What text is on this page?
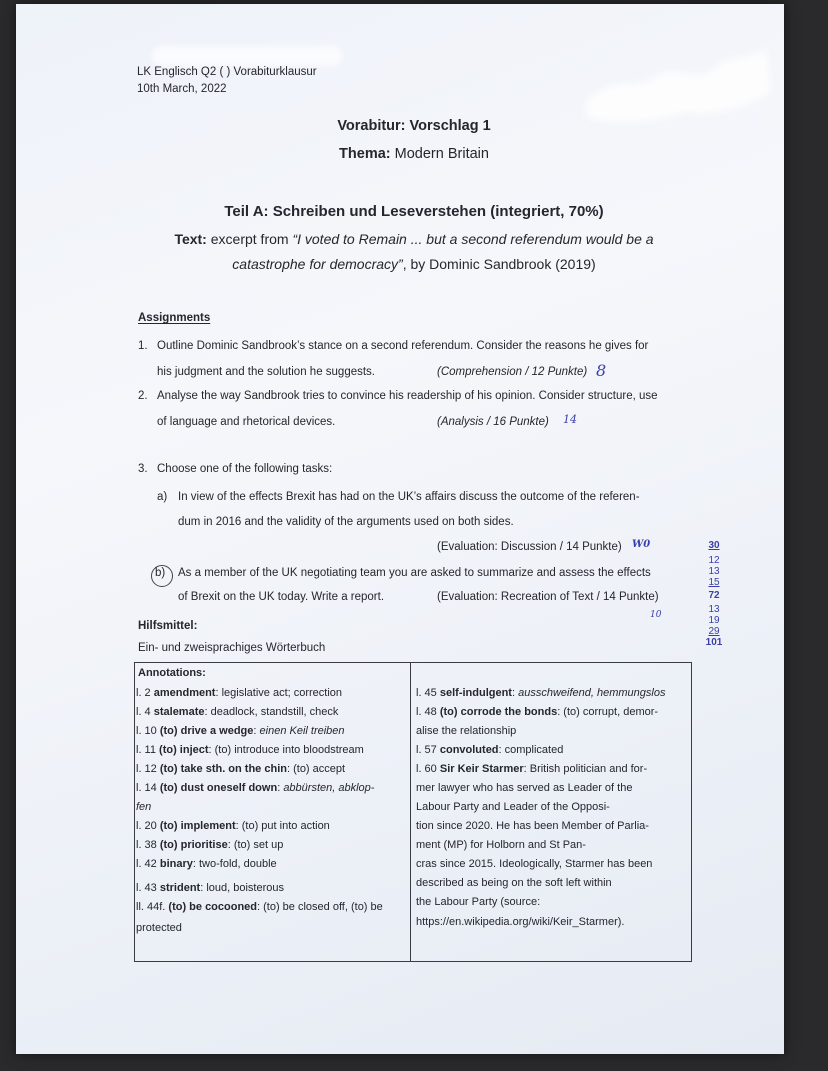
LK Englisch Q2 ( ) Vorabiturklausur
10th March, 2022
Vorabitur: Vorschlag 1
Thema: Modern Britain
Teil A: Schreiben und Leseverstehen (integriert, 70%)
Text: excerpt from “I voted to Remain ... but a second referendum would be a
catastrophe for democracy”, by Dominic Sandbrook (2019)
Assignments
1. Outline Dominic Sandbrook’s stance on a second referendum. Consider the reasons he gives for
his judgment and the solution he suggests.	(Comprehension / 12 Punkte) 8
2. Analyse the way Sandbrook tries to convince his readership of his opinion. Consider structure, use
of language and rhetorical devices.	(Analysis / 16 Punkte) 14
3. Choose one of the following tasks:
a) In view of the effects Brexit has had on the UK’s affairs discuss the outcome of the referen-
dum in 2016 and the validity of the arguments used on both sides.
(Evaluation: Discussion / 14 Punkte) W0
b) As a member of the UK negotiating team you are asked to summarize and assess the effects
of Brexit on the UK today. Write a report.	(Evaluation: Recreation of Text / 14 Punkte)
10
30
12
13
15
72
13
19
29
101
Hilfsmittel:
Ein- und zweisprachiges Wörterbuch
Annotations:
l. 2 amendment: legislative act; correction
l. 4 stalemate: deadlock, standstill, check
l. 10 (to) drive a wedge: einen Keil treiben
l. 11 (to) inject: (to) introduce into bloodstream
l. 12 (to) take sth. on the chin: (to) accept
l. 14 (to) dust oneself down: abbürsten, abklop-
fen
l. 20 (to) implement: (to) put into action
l. 38 (to) prioritise: (to) set up
l. 42 binary: two-fold, double
l. 43 strident: loud, boisterous
ll. 44f. (to) be cocooned: (to) be closed off, (to) be
protected
l. 45 self-indulgent: ausschweifend, hemmungslos
l. 48 (to) corrode the bonds: (to) corrupt, demor-
alise the relationship
l. 57 convoluted: complicated
l. 60 Sir Keir Starmer: British politician and for-
mer lawyer who has served as Leader of the
Labour Party and Leader of the Opposi-
tion since 2020. He has been Member of Parlia-
ment (MP) for Holborn and St Pan-
cras since 2015. Ideologically, Starmer has been
described as being on the soft left within
the Labour Party (source:
https://en.wikipedia.org/wiki/Keir_Starmer).
